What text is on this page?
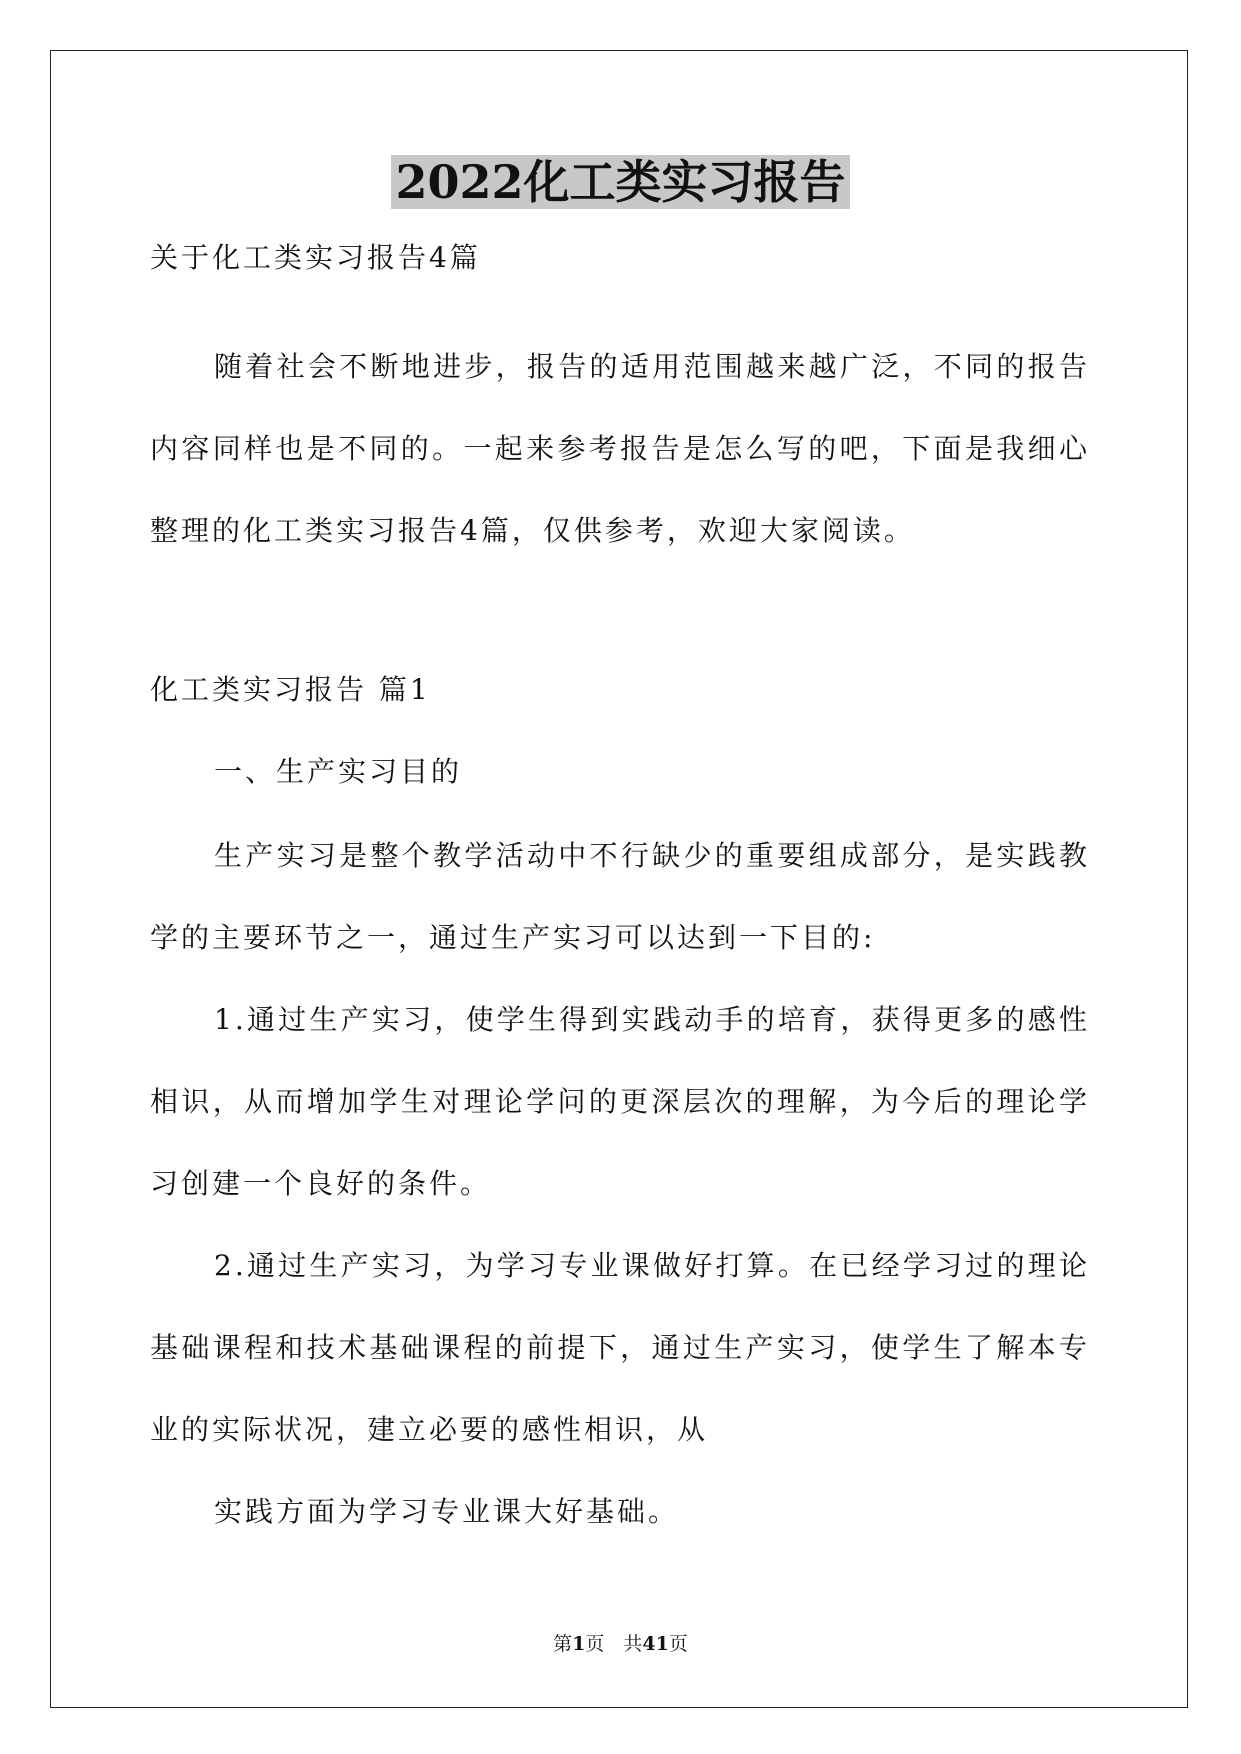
2022化工类实习报告

关于化工类实习报告4篇

随着社会不断地进步，报告的适用范围越来越广泛，不同的报告内容同样也是不同的。一起来参考报告是怎么写的吧，下面是我细心整理的化工类实习报告4篇，仅供参考，欢迎大家阅读。

化工类实习报告 篇1

一、生产实习目的

生产实习是整个教学活动中不行缺少的重要组成部分，是实践教学的主要环节之一，通过生产实习可以达到一下目的:

1.通过生产实习，使学生得到实践动手的培育，获得更多的感性相识，从而增加学生对理论学问的更深层次的理解，为今后的理论学习创建一个良好的条件。

2.通过生产实习，为学习专业课做好打算。在已经学习过的理论基础课程和技术基础课程的前提下，通过生产实习，使学生了解本专业的实际状况，建立必要的感性相识，从

实践方面为学习专业课大好基础。

第1页　共41页
